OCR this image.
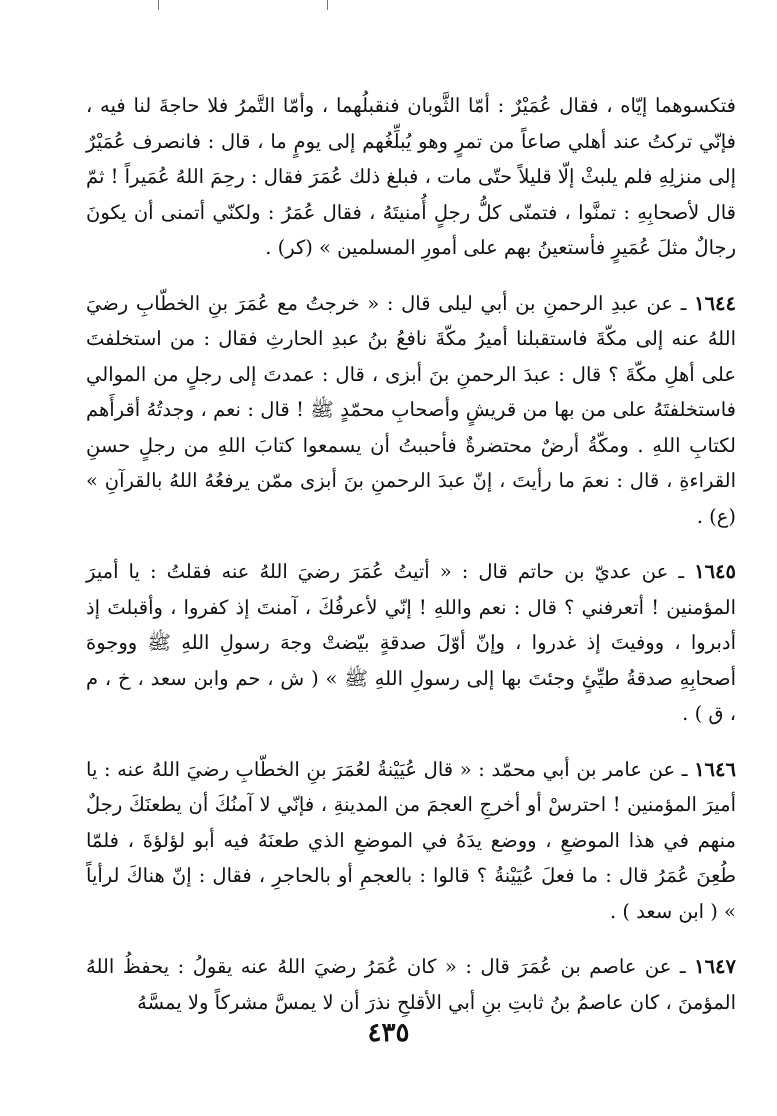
فتكسوهما إيّاه ، فقال عُمَيْرٌ : أمّا الثَّوبان فنقبلُهما ، وأمّا التَّمرُ فلا حاجةَ لنا فيه ، فإنّي تركتُ عند أهلي صاعاً من تمرٍ وهو يُبلِّغُهم إلى يومٍ ما ، قال : فانصرف عُمَيْرٌ إلى منزلِهِ فلم يلبثْ إلّا قليلاً حتّى مات ، فبلغ ذلك عُمَرَ فقال : رحِمَ اللهُ عُمَيراً ! ثمّ قال لأصحابِهِ : تمنَّوا ، فتمنّى كلُّ رجلٍ أُمنيتَهُ ، فقال عُمَرُ : ولكنّي أتمنى أن يكونَ رجالٌ مثلَ عُمَيرٍ فأستعينُ بهم على أمورِ المسلمين » (كر) .

١٦٤٤ ـ عن عبدِ الرحمنِ بن أبي ليلى قال : « خرجتُ مع عُمَرَ بنِ الخطّابِ رضيَ اللهُ عنه إلى مكّةَ فاستقبلنا أميرُ مكّةَ نافعُ بنُ عبدِ الحارثِ فقال : من استخلفتَ على أهلِ مكّةَ ؟ قال : عبدَ الرحمنِ بنَ أبزى ، قال : عمدتَ إلى رجلٍ من الموالي فاستخلفتَهُ على من بها من قريشٍ وأصحابِ محمّدٍ ﷺ ! قال : نعم ، وجدتُهُ أقرأَهم لكتابِ اللهِ . ومكّةُ أرضٌ محتضرةٌ فأحببتُ أن يسمعوا كتابَ اللهِ من رجلٍ حسنِ القراءةِ ، قال : نعمَ ما رأيتَ ، إنّ عبدَ الرحمنِ بنَ أبزى ممّن يرفعُهُ اللهُ بالقرآنِ » (ع) .

١٦٤٥ ـ عن عديّ بن حاتم قال : « أتيتُ عُمَرَ رضيَ اللهُ عنه فقلتُ : يا أميرَ المؤمنين ! أتعرفني ؟ قال : نعم واللهِ ! إنّي لأعرفُكَ ، آمنتَ إذ كفروا ، وأقبلتَ إذ أدبروا ، ووفيتَ إذ غدروا ، وإنّ أوّلَ صدقةٍ بيّضتْ وجهَ رسولِ اللهِ ﷺ ووجوهَ أصحابِهِ صدقةُ طيِّئٍ وجئتَ بها إلى رسولِ اللهِ ﷺ » ( ش ، حم وابن سعد ، خ ، م ، ق ) .

١٦٤٦ ـ عن عامر بن أبي محمّد : « قال عُيَيْنةُ لعُمَرَ بنِ الخطّابِ رضيَ اللهُ عنه : يا أميرَ المؤمنين ! احترسْ أو أخرجِ العجمَ من المدينةِ ، فإنّي لا آمنُكَ أن يطعنَكَ رجلٌ منهم في هذا الموضعِ ، ووضع يدَهُ في الموضعِ الذي طعنَهُ فيه أبو لؤلؤةَ ، فلمّا طُعِنَ عُمَرُ قال : ما فعلَ عُيَيْنةُ ؟ قالوا : بالعجمِ أو بالحاجرِ ، فقال : إنّ هناكَ لرأياً » ( ابن سعد ) .

١٦٤٧ ـ عن عاصم بن عُمَرَ قال : « كان عُمَرُ رضيَ اللهُ عنه يقولُ : يحفظُ اللهُ المؤمنَ ، كان عاصمُ بنُ ثابتِ بنِ أبي الأقلحِ نذرَ أن لا يمسَّ مشركاً ولا يمسَّهُ

٤٣٥
